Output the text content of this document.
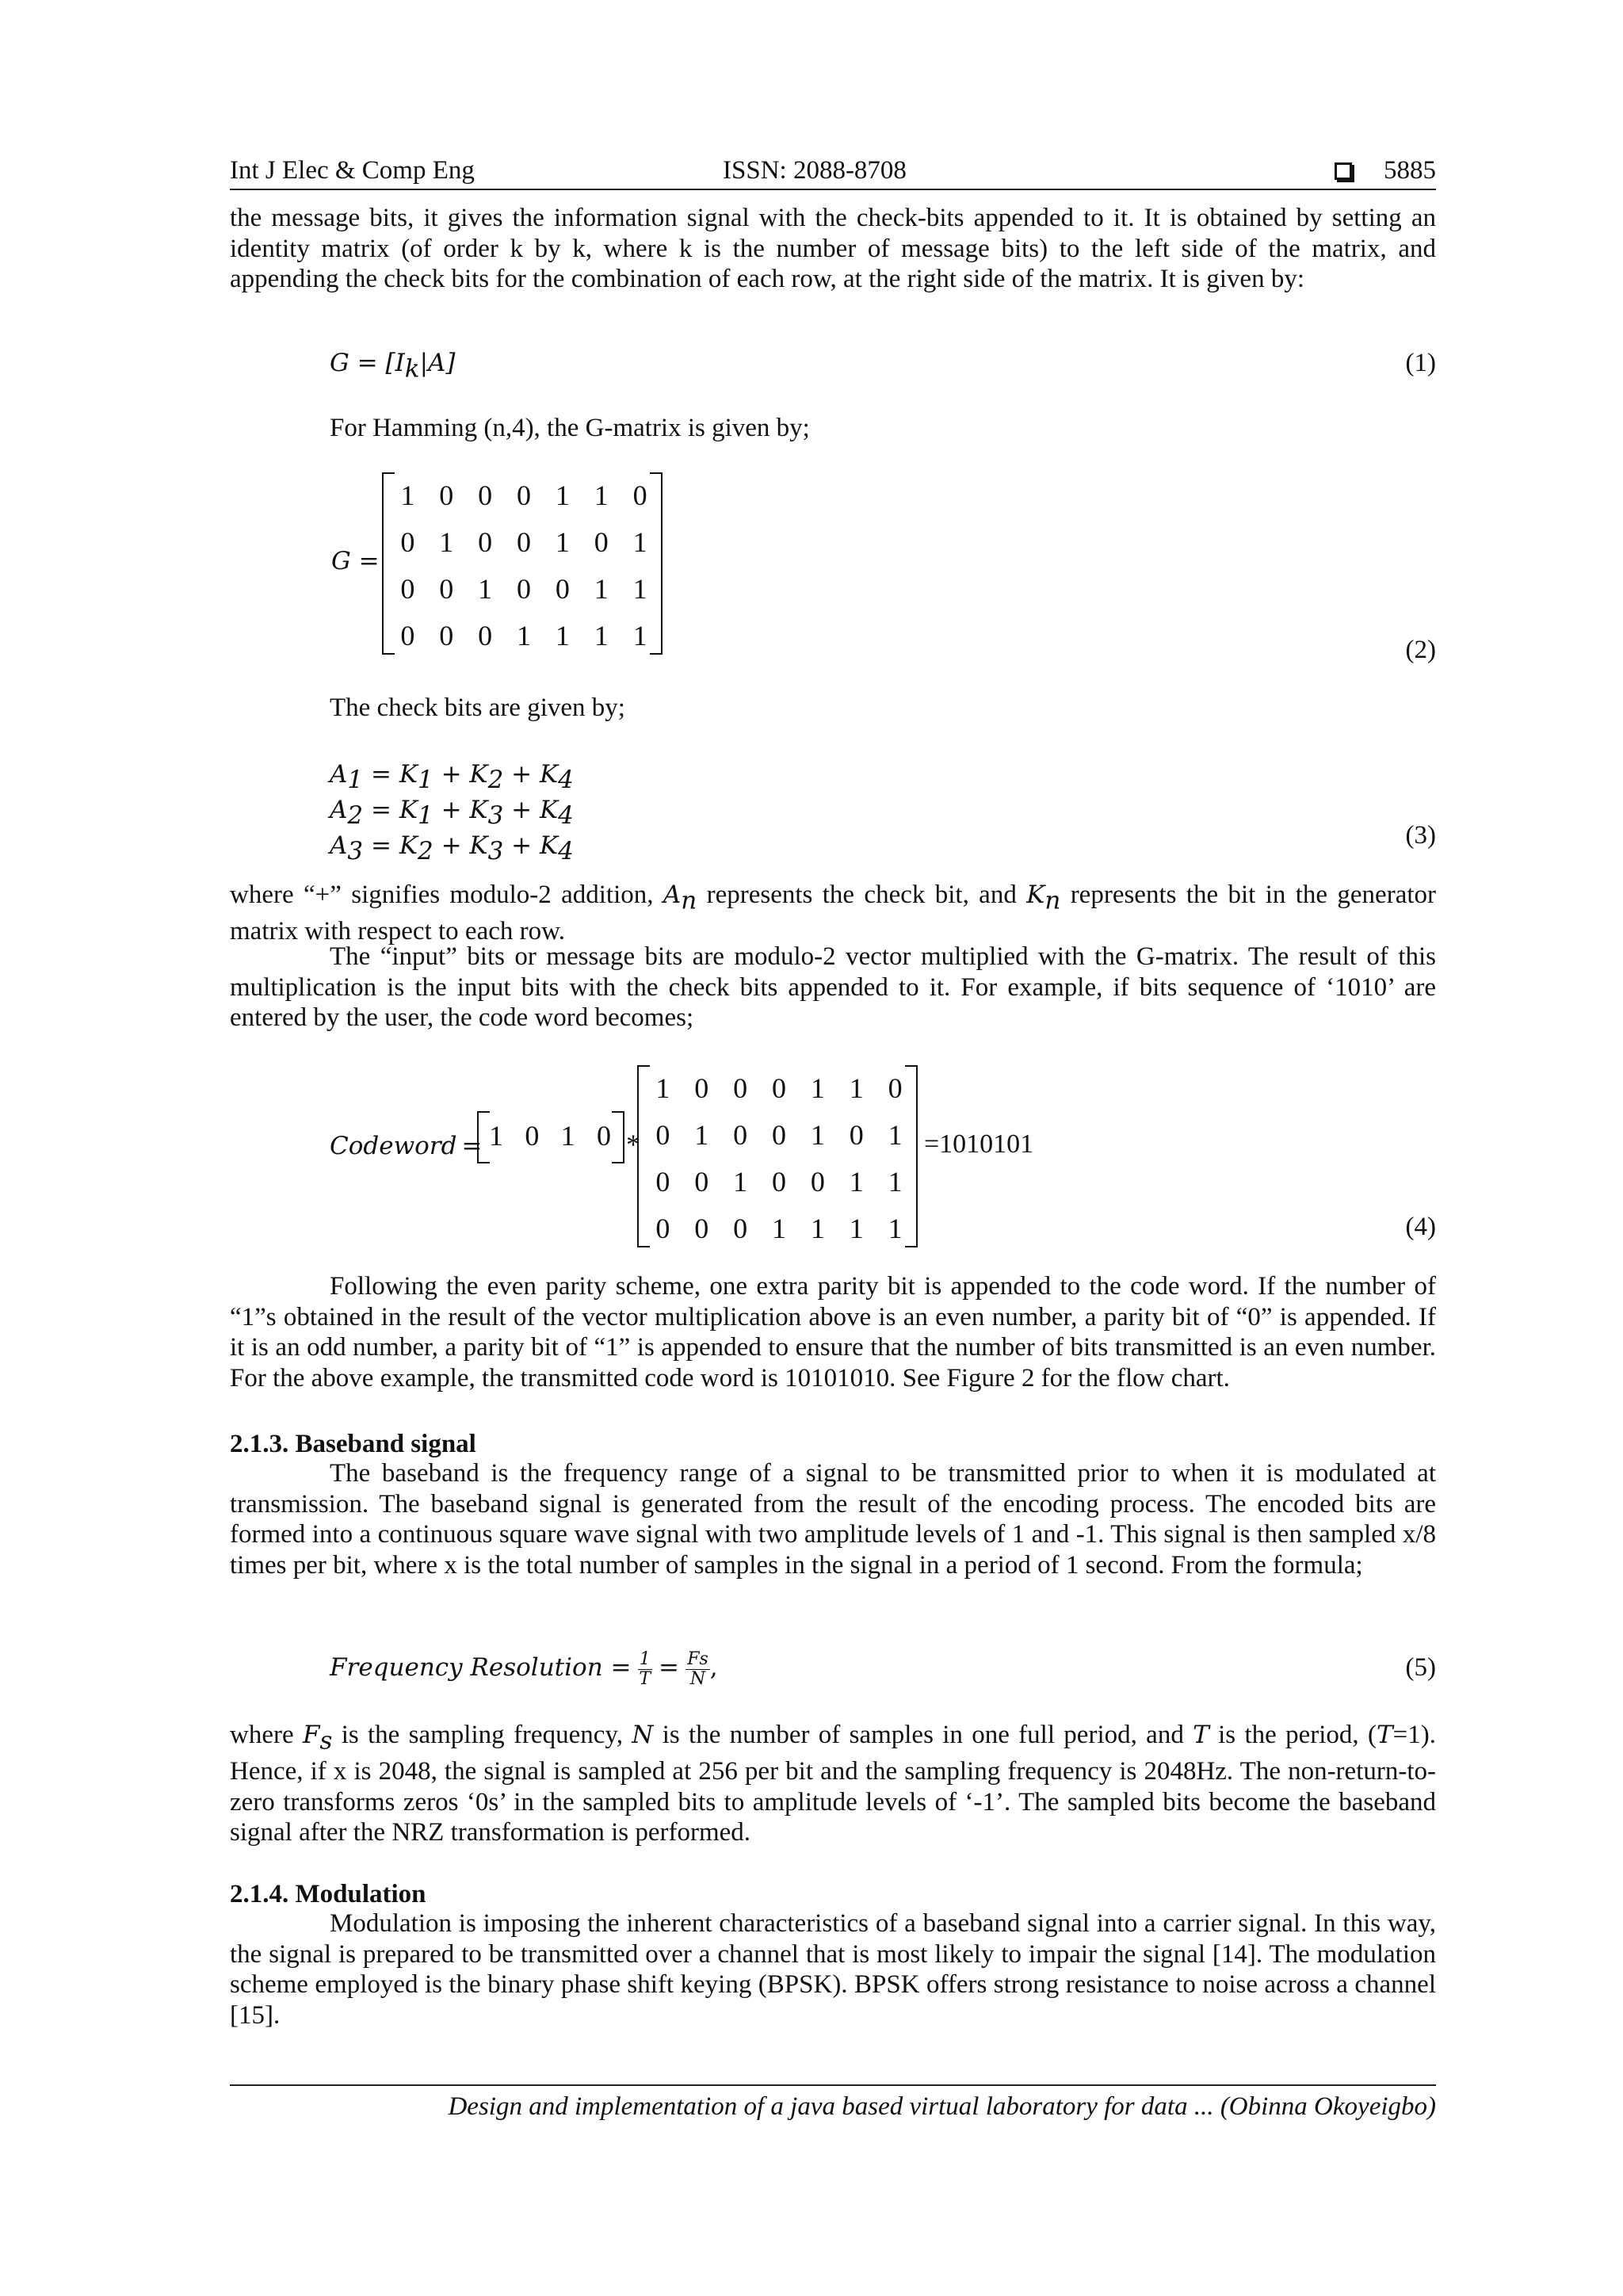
Int J Elec & Comp Eng	ISSN: 2088-8708	5885

the message bits, it gives the information signal with the check-bits appended to it. It is obtained by setting an identity matrix (of order k by k, where k is the number of message bits) to the left side of the matrix, and appending the check bits for the combination of each row, at the right side of the matrix. It is given by:

$G = [I_k|A]$	(1)
For Hamming (n,4), the G-matrix is given by;
G =
1 0 0 0 1 1 0
0 1 0 0 1 0 1
0 0 1 0 0 1 1
0 0 0 1 1 1 1	(2)
The check bits are given by;
$A_1 = K_1 + K_2 + K_4$
$A_2 = K_1 + K_3 + K_4$
$A_3 = K_2 + K_3 + K_4$
(3)

where “+” signifies modulo-2 addition, $A_n$ represents the check bit, and $K_n$ represents the bit in the generator matrix with respect to each row.

The “input” bits or message bits are modulo-2 vector multiplied with the G-matrix. The result of this multiplication is the input bits with the check bits appended to it. For example, if bits sequence of ‘1010’ are entered by the user, the code word becomes;

Codeword = 1 0 1 0 *
1 0 0 0 1 1 0
0 1 0 0 1 0 1
0 0 1 0 0 1 1
0 0 0 1 1 1 1
=1010101
(4)

Following the even parity scheme, one extra parity bit is appended to the code word. If the number of “1”s obtained in the result of the vector multiplication above is an even number, a parity bit of “0” is appended. If it is an odd number, a parity bit of “1” is appended to ensure that the number of bits transmitted is an even number. For the above example, the transmitted code word is 10101010. See Figure 2 for the flow chart.

2.1.3. Baseband signal

The baseband is the frequency range of a signal to be transmitted prior to when it is modulated at transmission. The baseband signal is generated from the result of the encoding process. The encoded bits are formed into a continuous square wave signal with two amplitude levels of 1 and -1. This signal is then sampled x/8 times per bit, where x is the total number of samples in the signal in a period of 1 second. From the formula;

Frequency Resolution = $\frac{1}{T} = \frac{Fs}{N}$ ,	(5)

where $F_s$ is the sampling frequency, N is the number of samples in one full period, and T is the period, (T=1). Hence, if x is 2048, the signal is sampled at 256 per bit and the sampling frequency is 2048Hz. The non-return-to-zero transforms zeros ‘0s’ in the sampled bits to amplitude levels of ‘-1’. The sampled bits become the baseband signal after the NRZ transformation is performed.

2.1.4. Modulation

Modulation is imposing the inherent characteristics of a baseband signal into a carrier signal. In this way, the signal is prepared to be transmitted over a channel that is most likely to impair the signal [14]. The modulation scheme employed is the binary phase shift keying (BPSK). BPSK offers strong resistance to noise across a channel [15].

Design and implementation of a java based virtual laboratory for data ... (Obinna Okoyeigbo)
